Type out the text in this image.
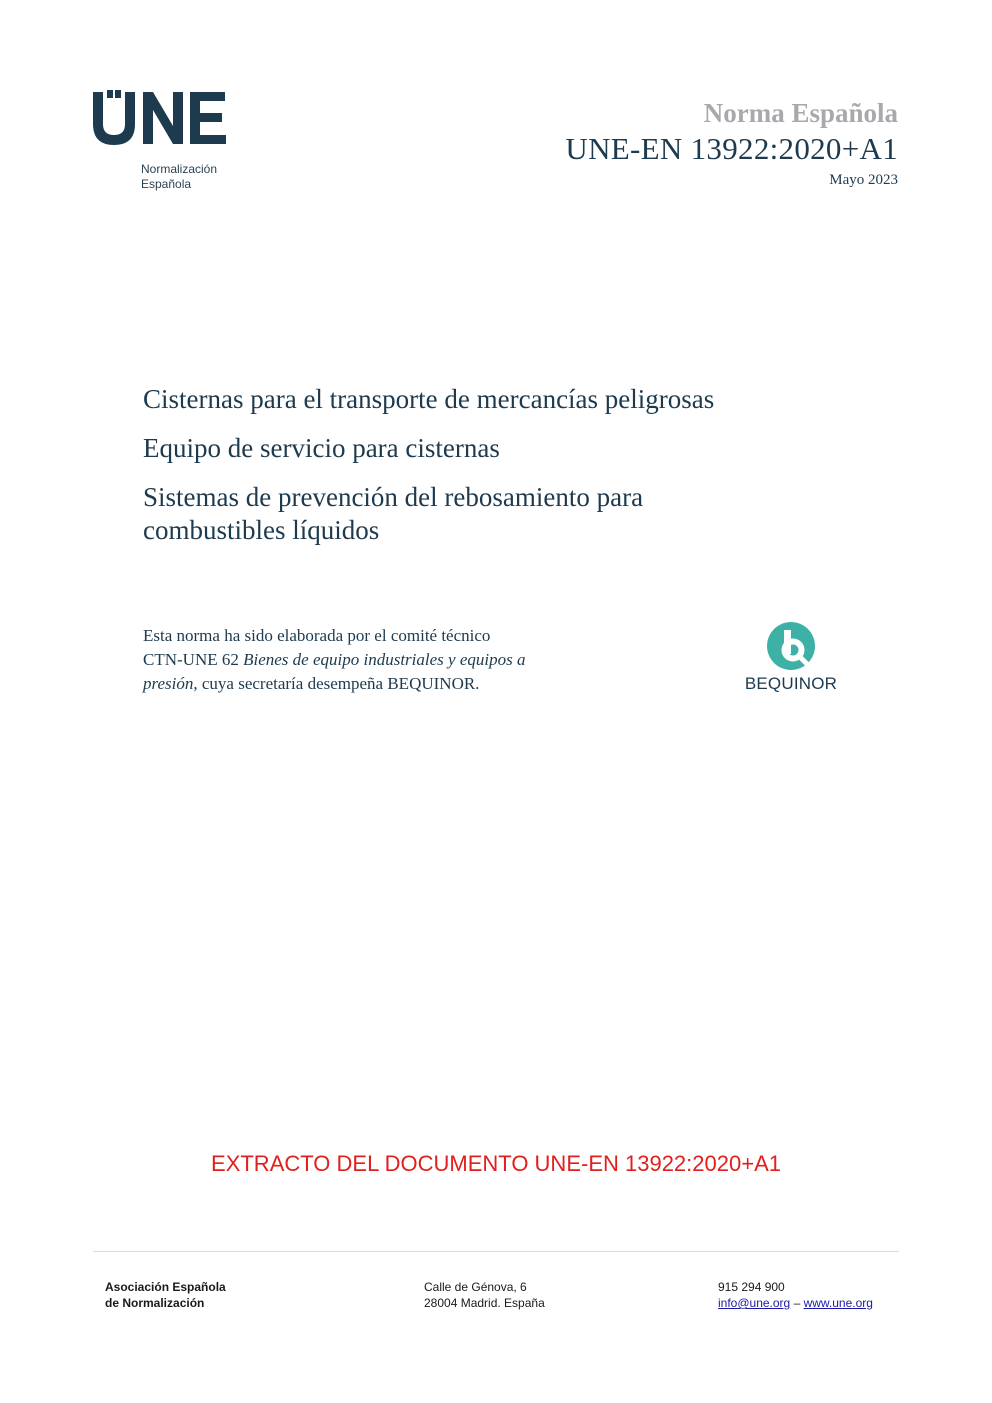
Normalización
Española
Norma Española
UNE-EN 13922:2020+A1
Mayo 2023
Cisternas para el transporte de mercancías peligrosas
Equipo de servicio para cisternas
Sistemas de prevención del rebosamiento para
combustibles líquidos
Esta norma ha sido elaborada por el comité técnico
CTN-UNE 62 Bienes de equipo industriales y equipos a
presión, cuya secretaría desempeña BEQUINOR.	BEQUINOR
EXTRACTO DEL DOCUMENTO UNE-EN 13922:2020+A1
Asociación Española
de Normalización
Calle de Génova, 6
28004 Madrid. España
915 294 900
info@une.org – www.une.org
